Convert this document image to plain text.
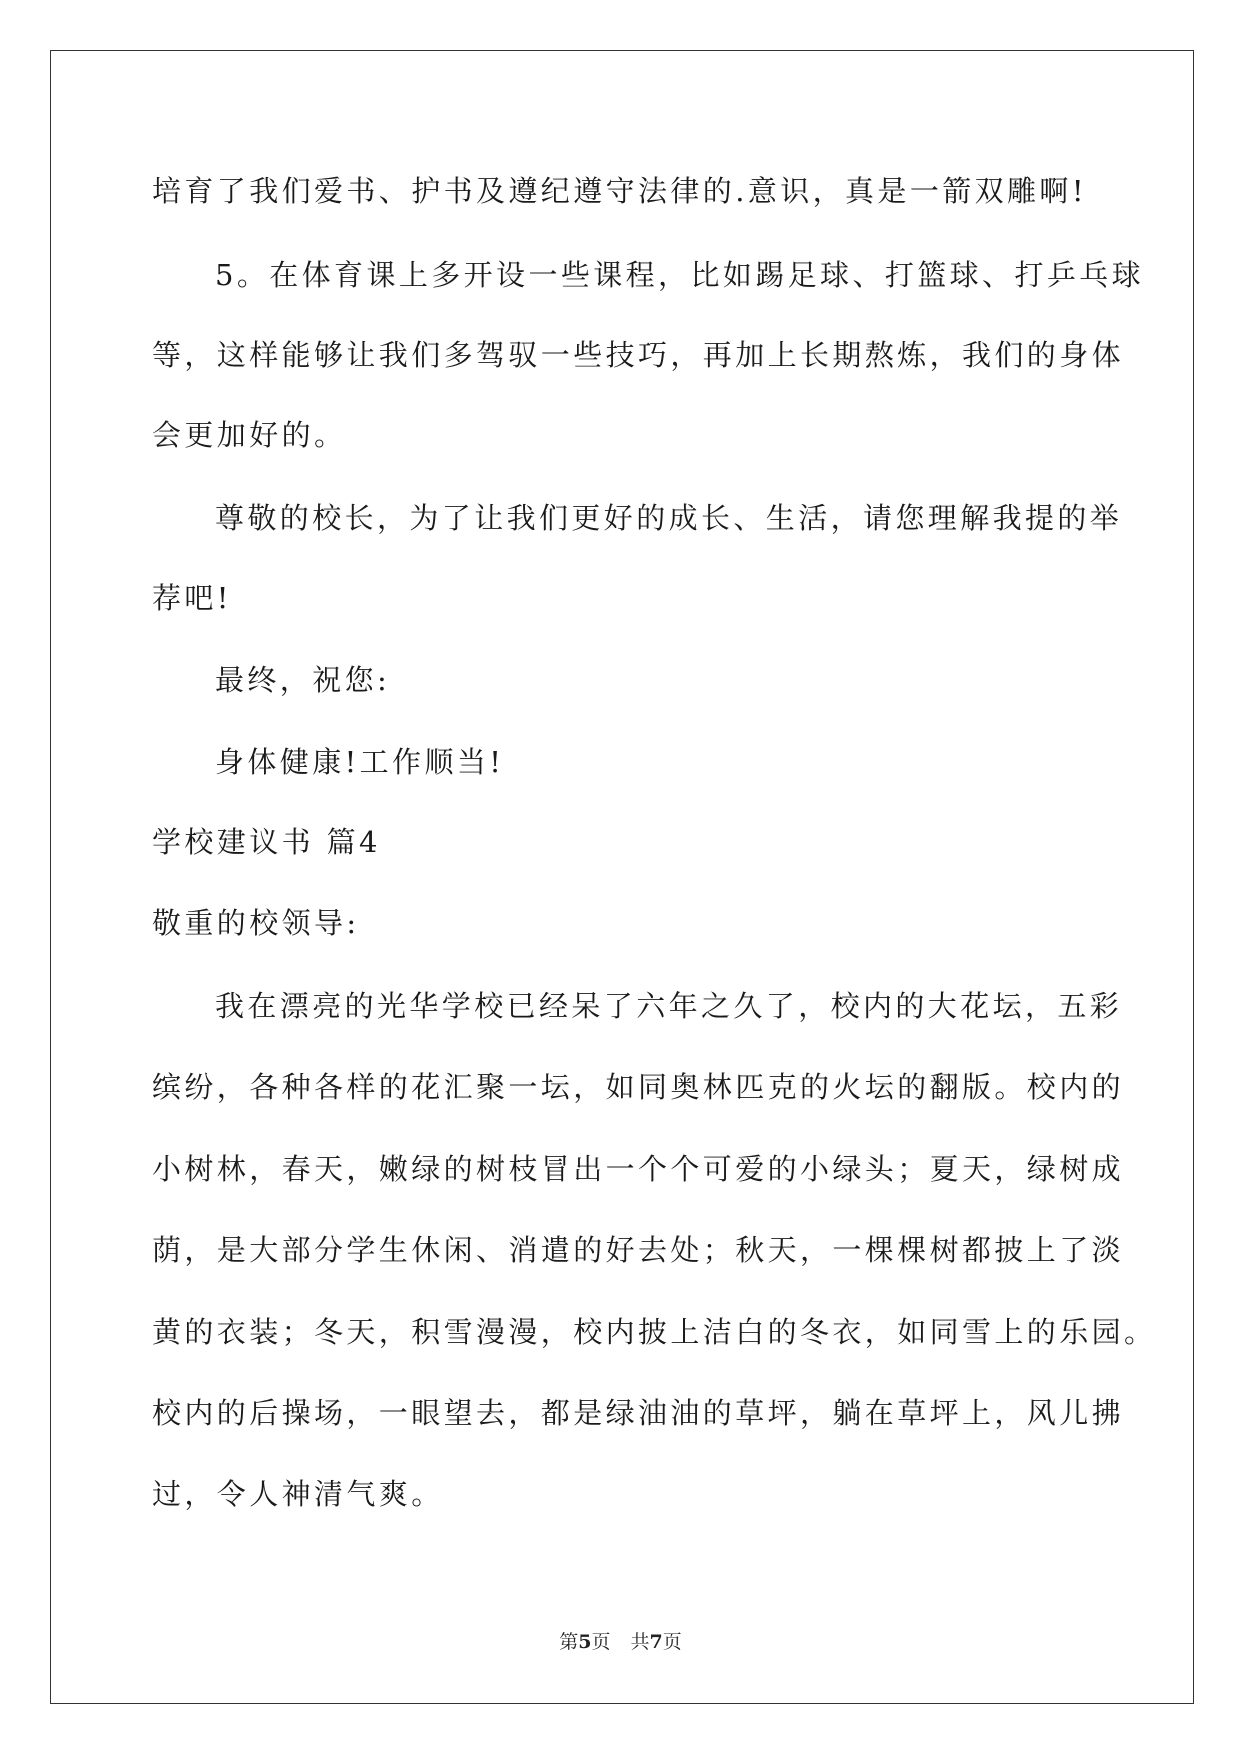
培育了我们爱书、护书及遵纪遵守法律的.意识，真是一箭双雕啊!
5。在体育课上多开设一些课程，比如踢足球、打篮球、打乒乓球
等，这样能够让我们多驾驭一些技巧，再加上长期熬炼，我们的身体
会更加好的。
尊敬的校长，为了让我们更好的成长、生活，请您理解我提的举
荐吧!
最终，祝您:
身体健康!工作顺当!
学校建议书 篇4
敬重的校领导:
我在漂亮的光华学校已经呆了六年之久了，校内的大花坛，五彩
缤纷，各种各样的花汇聚一坛，如同奥林匹克的火坛的翻版。校内的
小树林，春天，嫩绿的树枝冒出一个个可爱的小绿头；夏天，绿树成
荫，是大部分学生休闲、消遣的好去处；秋天，一棵棵树都披上了淡
黄的衣装；冬天，积雪漫漫，校内披上洁白的冬衣，如同雪上的乐园。
校内的后操场，一眼望去，都是绿油油的草坪，躺在草坪上，风儿拂
过，令人神清气爽。
第5页 共7页
